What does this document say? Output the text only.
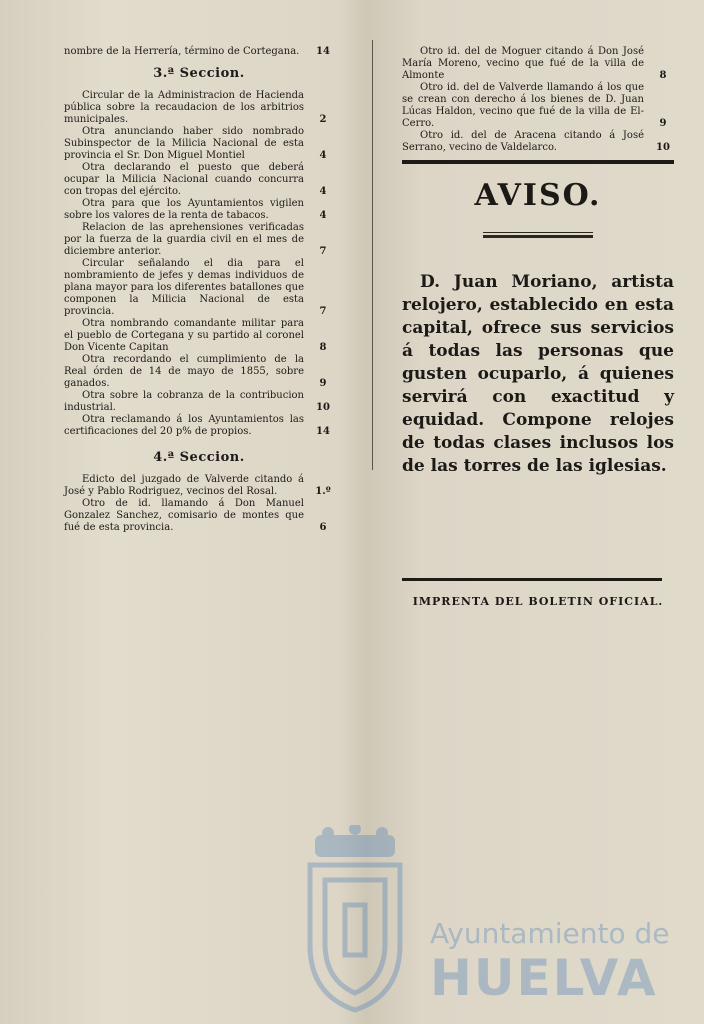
nombre de la Herrería, término de Cortegana.	14
3.ª Seccion.
Circular de la Administracion de Hacienda pública sobre la recaudacion de los arbitrios municipales.	2
Otra anunciando haber sido nombrado Subinspector de la Milicia Nacional de esta provincia el Sr. Don Miguel Montiel	4
Otra declarando el puesto que deberá ocupar la Milicia Nacional cuando concurra con tropas del ejército.	4
Otra para que los Ayuntamientos vigilen sobre los valores de la renta de tabacos.	4
Relacion de las aprehensiones verificadas por la fuerza de la guardia civil en el mes de diciembre anterior.	7
Circular señalando el dia para el nombramiento de jefes y demas individuos de plana mayor para los diferentes batallones que componen la Milicia Nacional de esta provincia.	7
Otra nombrando comandante militar para el pueblo de Cortegana y su partido al coronel Don Vicente Capitan	8
Otra recordando el cumplimiento de la Real órden de 14 de mayo de 1855, sobre ganados.	9
Otra sobre la cobranza de la contribucion industrial.	10
Otra reclamando á los Ayuntamientos las certificaciones del 20 p% de propios.	14
4.ª Seccion.
Edicto del juzgado de Valverde citando á José y Pablo Rodriguez, vecinos del Rosal.	1.º
Otro de id. llamando á Don Manuel Gonzalez Sanchez, comisario de montes que fué de esta provincia.	6
Otro id. del de Moguer citando á Don José María Moreno, vecino que fué de la villa de Almonte	8
Otro id. del de Valverde llamando á los que se crean con derecho á los bienes de D. Juan Lúcas Haldon, vecino que fué de la villa de El-Cerro.	9
Otro id. del de Aracena citando á José Serrano, vecino de Valdelarco.	10
AVISO.
D. Juan Moriano, artista relojero, establecido en esta capital, ofrece sus servicios á todas las personas que gusten ocuparlo, á quienes servirá con exactitud y equidad. Compone relojes de todas clases inclusos los de las torres de las iglesias.
IMPRENTA DEL BOLETIN OFICIAL.
Ayuntamiento de
HUELVA
